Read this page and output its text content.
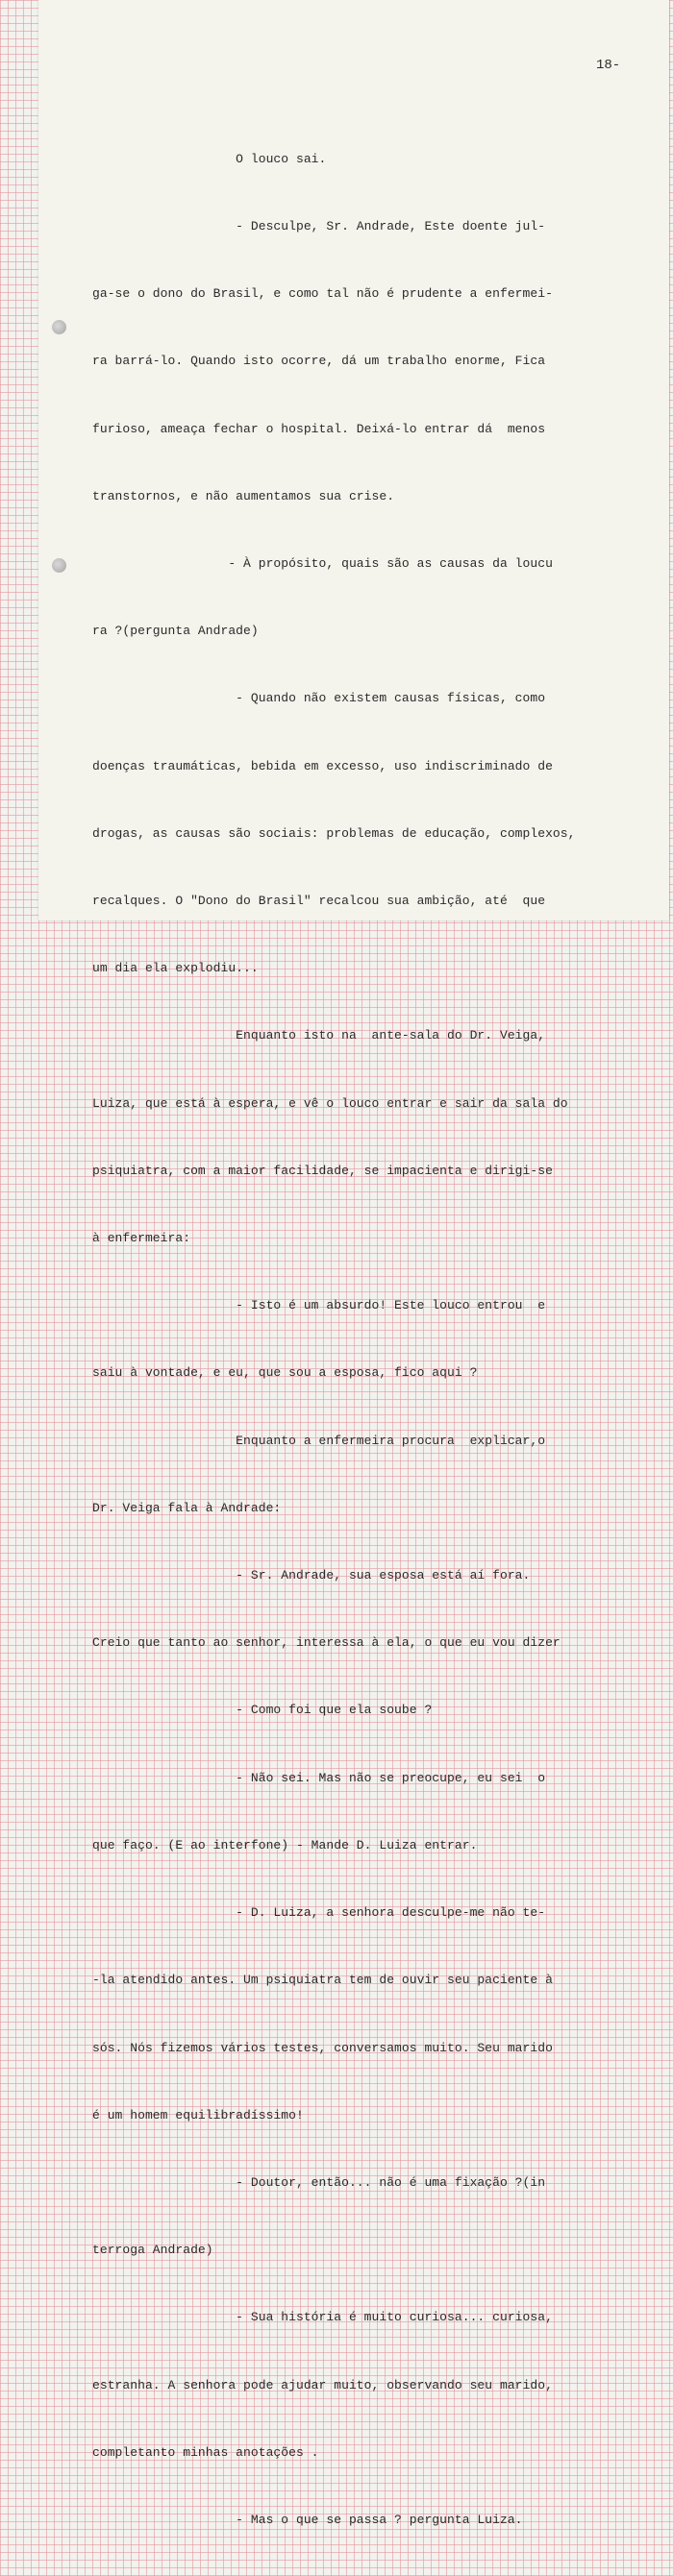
18-

O louco sai.

- Desculpe, Sr. Andrade, Este doente jul-

ga-se o dono do Brasil, e como tal não é prudente a enfermei-

ra barrá-lo. Quando isto ocorre, dá um trabalho enorme, Fica

furioso, ameaça fechar o hospital. Deixá-lo entrar dá  menos

transtornos, e não aumentamos sua crise.

- À propósito, quais são as causas da loucu

ra ?(pergunta Andrade)

- Quando não existem causas físicas, como

doenças traumáticas, bebida em excesso, uso indiscriminado de

drogas, as causas são sociais: problemas de educação, complexos,

recalques. O "Dono do Brasil" recalcou sua ambição, até  que

um dia ela explodiu...

Enquanto isto na  ante-sala do Dr. Veiga,

Luiza, que está à espera, e vê o louco entrar e sair da sala do

psiquiatra, com a maior facilidade, se impacienta e dirigi-se

à enfermeira:

- Isto é um absurdo! Este louco entrou  e

saiu à vontade, e eu, que sou a esposa, fico aqui ?

Enquanto a enfermeira procura  explicar,o

Dr. Veiga fala à Andrade:

- Sr. Andrade, sua esposa está aí fora.

Creio que tanto ao senhor, interessa à ela, o que eu vou dizer

- Como foi que ela soube ?

- Não sei. Mas não se preocupe, eu sei  o

que faço. (E ao interfone) - Mande D. Luiza entrar.

- D. Luiza, a senhora desculpe-me não te-

-la atendido antes. Um psiquiatra tem de ouvir seu paciente à

sós. Nós fizemos vários testes, conversamos muito. Seu marido

é um homem equilibradíssimo!

- Doutor, então... não é uma fixação ?(in

terroga Andrade)

- Sua história é muito curiosa... curiosa,

estranha. A senhora pode ajudar muito, observando seu marido,

completanto minhas anotações .

- Mas o que se passa ? pergunta Luiza.
